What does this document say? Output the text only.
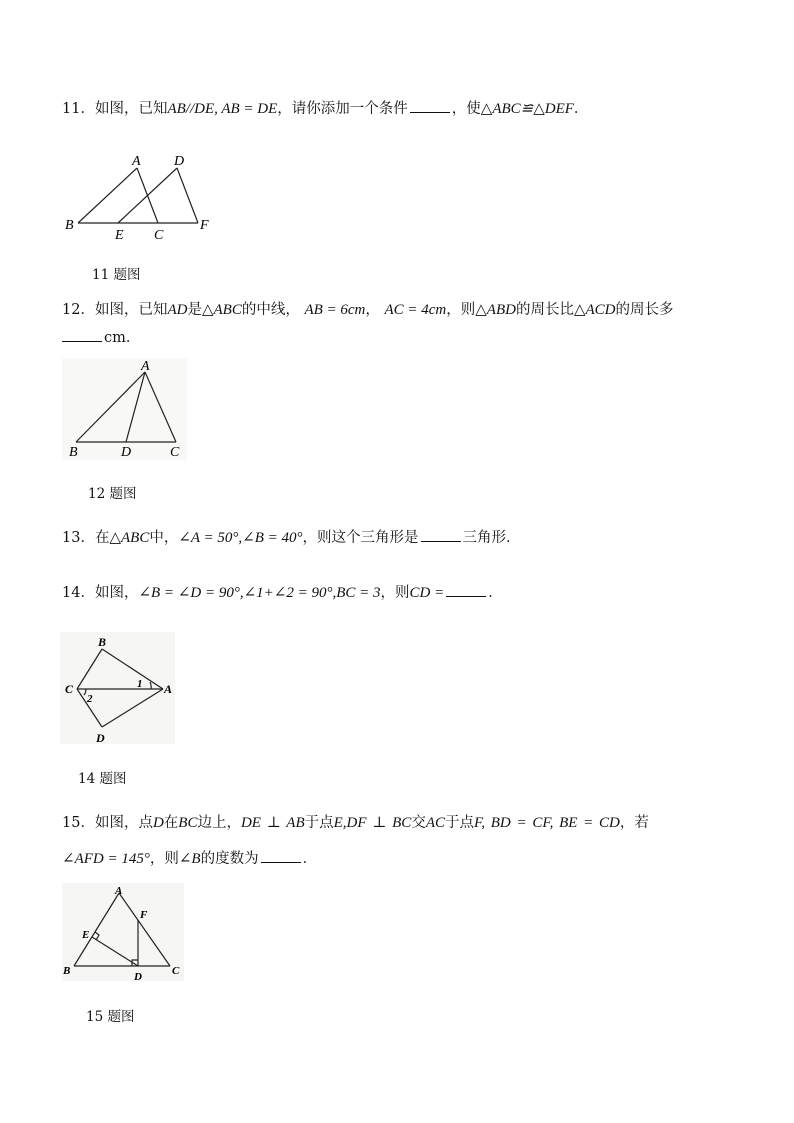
11．如图，已知AB//DE, AB = DE，请你添加一个条件	，使△ABC≌△DEF．
A D
B
E C
F
11 题图
12．如图，已知AD是△ABC的中线， AB = 6cm， AC = 4cm，则△ABD的周长比△ACD的周长多
cm．
A
B	D	C
12 题图
13．在△ABC中，∠A = 50°,∠B = 40°，则这个三角形是	三角形．
14．如图，∠B = ∠D = 90°,∠1+∠2 = 90°,BC = 3，则CD =	．
B
C	A
D
1
2
14 题图
15．如图，点D在BC边上，DE ⊥ AB于点E,DF ⊥ BC交AC于点F, BD = CF, BE = CD，若
∠AFD = 145°，则∠B的度数为	．
A
F
E
B	D	C
15 题图
